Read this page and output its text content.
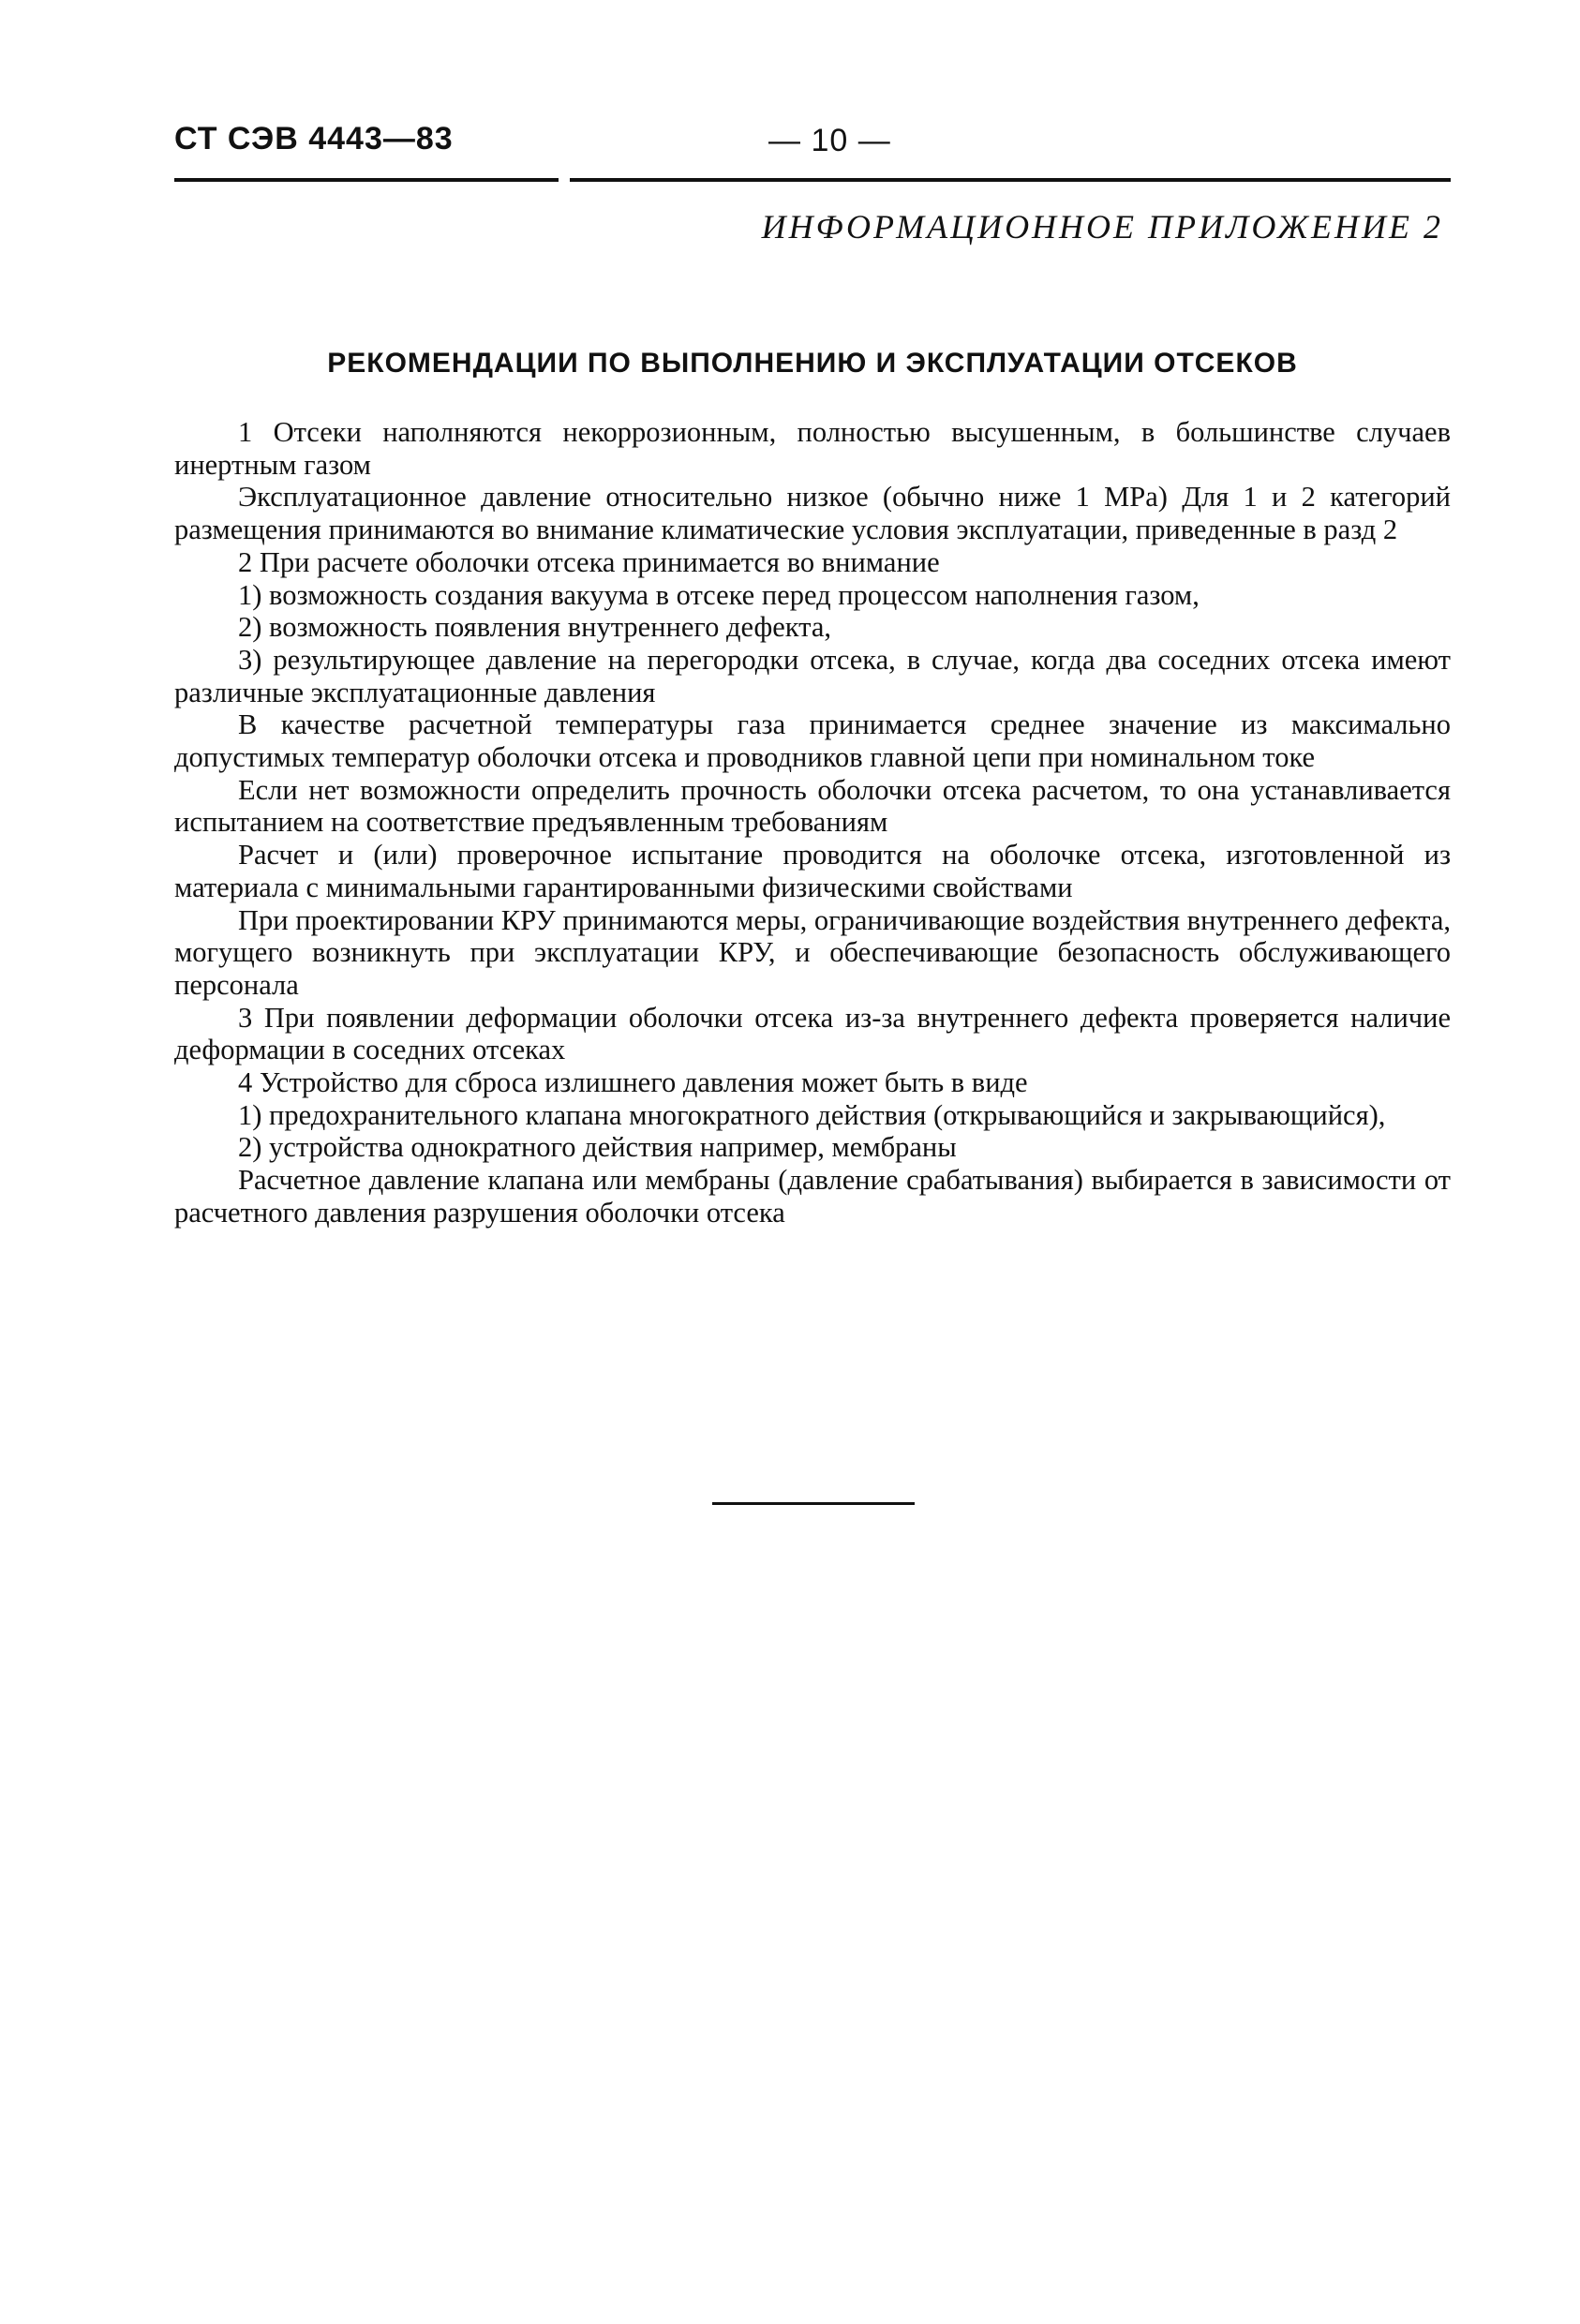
СТ СЭВ 4443—83	— 10 —
ИНФОРМАЦИОННОЕ ПРИЛОЖЕНИЕ 2
РЕКОМЕНДАЦИИ ПО ВЫПОЛНЕНИЮ И ЭКСПЛУАТАЦИИ ОТСЕКОВ

1 Отсеки наполняются некоррозионным, полностью высушенным, в большинстве случаев инертным газом

Эксплуатационное давление относительно низкое (обычно ниже 1 МРа) Для 1 и 2 категорий размещения принимаются во внимание климатические условия эксплуатации, приведенные в разд 2

2 При расчете оболочки отсека принимается во внимание

1) возможность создания вакуума в отсеке перед процессом наполнения газом,

2) возможность появления внутреннего дефекта,

3) результирующее давление на перегородки отсека, в случае, когда два соседних отсека имеют различные эксплуатационные давления

В качестве расчетной температуры газа принимается среднее значение из максимально допустимых температур оболочки отсека и проводников главной цепи при номинальном токе

Если нет возможности определить прочность оболочки отсека расчетом, то она устанавливается испытанием на соответствие предъявленным требованиям

Расчет и (или) проверочное испытание проводится на оболочке отсека, изготовленной из материала с минимальными гарантированными физическими свойствами

При проектировании КРУ принимаются меры, ограничивающие воздействия внутреннего дефекта, могущего возникнуть при эксплуатации КРУ, и обеспечивающие безопасность обслуживающего персонала

3 При появлении деформации оболочки отсека из-за внутреннего дефекта проверяется наличие деформации в соседних отсеках

4 Устройство для сброса излишнего давления может быть в виде

1) предохранительного клапана многократного действия (открывающийся и закрывающийся),

2) устройства однократного действия например, мембраны

Расчетное давление клапана или мембраны (давление срабатывания) выбирается в зависимости от расчетного давления разрушения оболочки отсека
